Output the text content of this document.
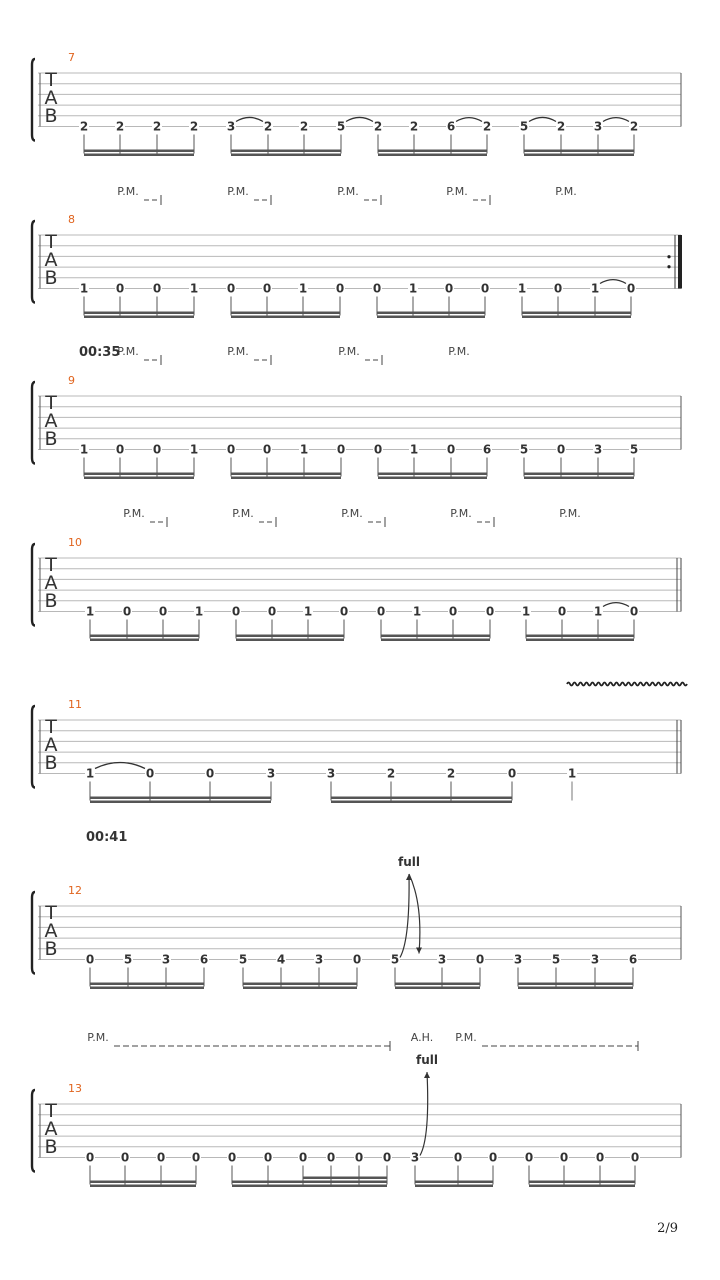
T
A
B
7
2 2 2 2 3 2 2 5 2 2 6 2 5 2 3 2
T
A
B
8
1 0 0 1 0 0 1 0 0 1 0 0 1 0 1 0
P.M.	P.M.	P.M.	P.M.	P.M.
T
A
B
9
1 0 0 1 0 0 1 0 0 1 0 6 5 0 3 5
P.M.	P.M.	P.M.	P.M.
00:35
T
A
B
10
1 0 0 1 0 0 1 0 0 1 0 0 1 0 1 0
P.M.	P.M.	P.M.	P.M.	P.M.
T
A
B
11
1	0	0	3	3	2	2	0	1
T
A
B
12
0 5 3 6	5 4 3 0 5	3 0 3 5	3 6
00:41
full
T
A
B
13
0 0 0 0 0 0 0 0 0 0 3	0 0 0 0 0 0
P.M.	A.H. P.M.
full
2/9
